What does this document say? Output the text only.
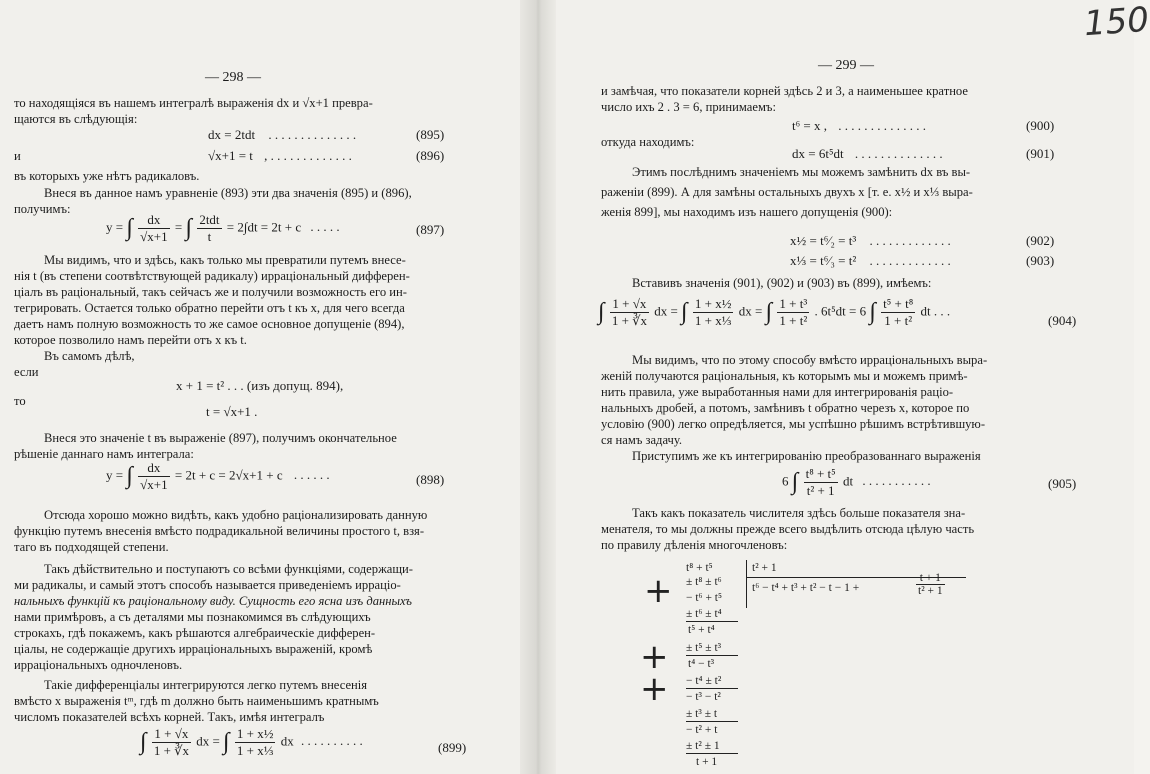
— 298 —
то находящіяся въ нашемъ интегралѣ выраженія dx и √x+1 превра-
щаются въ слѣдующія:
dx = 2tdt . . . . . . . . . . . . . .	(895)
и	√x+1 = t , . . . . . . . . . . . . .	(896)
въ которыхъ уже нѣтъ радикаловъ.
Внеся въ данное намъ уравненіе (893) эти два значенія (895) и (896),
получимъ:
y = ∫ $\frac{dx}{√x+1}$ = ∫ 2tdt
t
= 2∫dt = 2t + c . . . . .	(897)
Мы видимъ, что и здѣсь, какъ только мы превратили путемъ внесе-
нія t (въ степени соотвѣтствующей радикалу) ирраціональный дифферен-
ціалъ въ раціональный, такъ сейчасъ же и получили возможность его ин-
тегрировать. Остается только обратно перейти отъ t къ x, для чего всегда
даетъ намъ полную возможность то же самое основное допущеніе (894),
которое позволило намъ перейти отъ x къ t.
Въ самомъ дѣлѣ,
если
x + 1 = t² . . . (изъ допущ. 894),
то
t = √x+1 .
Внеся это значеніе t въ выраженіе (897), получимъ окончательное
рѣшеніе даннаго намъ интеграла:
y = ∫ $\frac{dx}{√x+1} = 2t + c = 2√x+1 + c$ . . . . . .	(898)
Отсюда хорошо можно видѣть, какъ удобно раціонализировать данную
функцію путемъ внесенія вмѣсто подрадикальной величины простого t, взя-
таго въ подходящей степени.
Такъ дѣйствительно и поступаютъ со всѣми функціями, содержащи-
ми радикалы, и самый этотъ способъ называется приведеніемъ ирраціо-
нальныхъ функцій къ раціональному виду. Сущность его ясна изъ данныхъ
нами примѣровъ, а съ деталями мы познакомимся въ слѣдующихъ
строкахъ, гдѣ покажемъ, какъ рѣшаются алгебраическіе дифферен-
ціалы, не содержащіе другихъ ирраціональныхъ выраженій, кромѣ
ирраціональныхъ одночленовъ.
Такіе дифференціалы интегрируются легко путемъ внесенія
вмѣсто x выраженія tᵐ, гдѣ m должно быть наименьшимъ кратнымъ
числомъ показателей всѣхъ корней. Такъ, имѣя интегралъ
∫ $\frac{1 + √x}{1 + ∛x}$ dx = ∫ $\frac{\text{1 + x½}}{\text{1 + x⅓}}$ dx . . . . . . . . . .	(899)
— 299 —
и замѣчая, что показатели корней здѣсь 2 и 3, а наименьшее кратное
число ихъ 2 . 3 = 6, принимаемъ:
t⁶ = x , . . . . . . . . . . . . . .	(900)
откуда находимъ:
dx = 6t⁵dt . . . . . . . . . . . . . .	(901)
Этимъ послѣднимъ значеніемъ мы можемъ замѣнить dx въ вы-
раженіи (899). А для замѣны остальныхъ двухъ x [т. е. x½ и x⅓ выра-
женія 899], мы находимъ изъ нашего допущенія (900):
x½ = t⁶⁄₂ = t³ . . . . . . . . . . . . .	(902)
x⅓ = t⁶⁄₃ = t² . . . . . . . . . . . . .	(903)
Вставивъ значенія (901), (902) и (903) въ (899), имѣемъ:
∫ $\frac{1 + √x}{1 + ∛x}$ dx = ∫ $\frac{\text{1 + x½}}{\text{1 + x⅓}}$ dx = ∫ $\frac{\text{1 + t³}}{\text{1 + t²}}$ . 6t⁵dt = 6 ∫ $\frac{\text{t⁵ + t⁸}}{\text{1 + t²}}$ dt . . .
(904)
Мы видимъ, что по этому способу вмѣсто ирраціональныхъ выра-
женій получаются раціональныя, къ которымъ мы и можемъ примѣ-
нить правила, уже выработанныя нами для интегрированія раціо-
нальныхъ дробей, а потомъ, замѣнивъ t обратно черезъ x, которое по
условію (900) легко опредѣляется, мы успѣшно рѣшимъ встрѣтившую-
ся намъ задачу.
Приступимъ же къ интегрированію преобразованнаго выраженія
6 ∫ $\frac{\text{t⁸ + t⁵}}{\text{t² + 1}}$ dt . . . . . . . . . . .	(905)
Такъ какъ показатель числителя здѣсь больше показателя зна-
менателя, то мы должны прежде всего выдѣлить отсюда цѣлую часть
по правилу дѣленія многочленовъ:
t⁸ + t⁵	t² + 1
t⁶ − t⁴ + t³ + t² − t − 1 +	$\frac{t + 1}{\text{t² + 1}}$
± t⁸ ± t⁶
− t⁶ + t⁵
± t⁶ ± t⁴
t⁵ + t⁴
± t⁵ ± t³
t⁴ − t³
− t⁴ ± t²
− t³ − t²
± t³ ± t
− t² + t
± t² ± 1
t + 1
+
+
+
150
